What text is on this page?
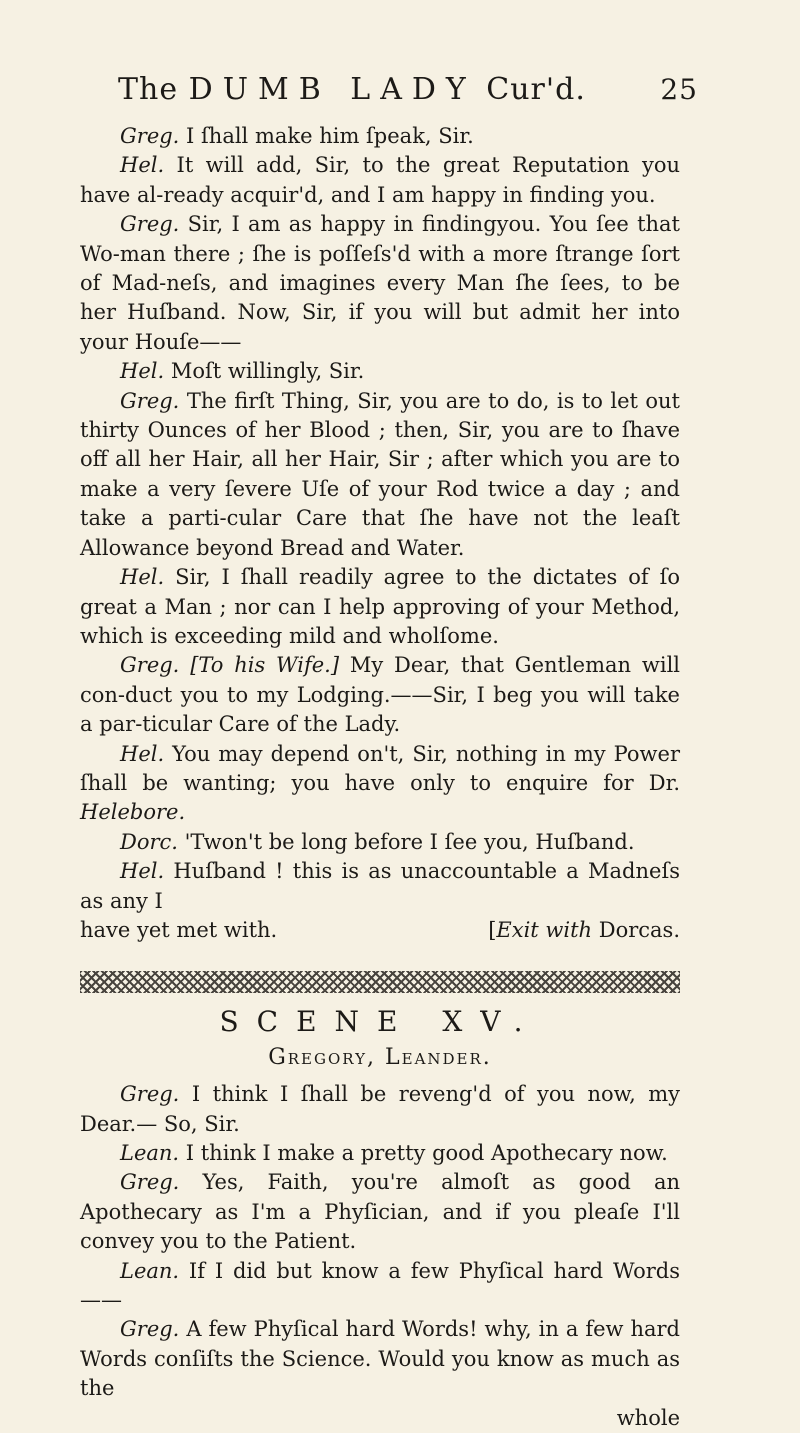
The DUMB LADY Cur'd.	25

Greg. I ſhall make him ſpeak, Sir.

Hel. It will add, Sir, to the great Reputation you have al-ready acquir'd, and I am happy in finding you.

Greg. Sir, I am as happy in findingyou. You ſee that Wo-man there ; ſhe is poſſeſs'd with a more ſtrange ſort of Mad-neſs, and imagines every Man ſhe ſees, to be her Huſband. Now, Sir, if you will but admit her into your Houſe——

Hel. Moſt willingly, Sir.

Greg. The firſt Thing, Sir, you are to do, is to let out thirty Ounces of her Blood ; then, Sir, you are to ſhave off all her Hair, all her Hair, Sir ; after which you are to make a very ſevere Uſe of your Rod twice a day ; and take a parti-cular Care that ſhe have not the leaſt Allowance beyond Bread and Water.

Hel. Sir, I ſhall readily agree to the dictates of ſo great a Man ; nor can I help approving of your Method, which is exceeding mild and wholſome.

Greg. [To his Wife.] My Dear, that Gentleman will con-duct you to my Lodging.——Sir, I beg you will take a par-ticular Care of the Lady.

Hel. You may depend on't, Sir, nothing in my Power ſhall be wanting; you have only to enquire for Dr. Helebore.

Dorc. 'Twon't be long before I ſee you, Huſband.

Hel. Huſband ! this is as unaccountable a Madneſs as any I

have yet met with.	[Exit with Dorcas.

SCENE XV.
Gregory, Leander.

Greg. I think I ſhall be reveng'd of you now, my Dear.— So, Sir.

Lean. I think I make a pretty good Apothecary now.

Greg. Yes, Faith, you're almoſt as good an Apothecary as I'm a Phyſician, and if you pleaſe I'll convey you to the Patient.

Lean. If I did but know a few Phyſical hard Words ——

Greg. A few Phyſical hard Words! why, in a few hard Words conſiſts the Science. Would you know as much as the

whole
